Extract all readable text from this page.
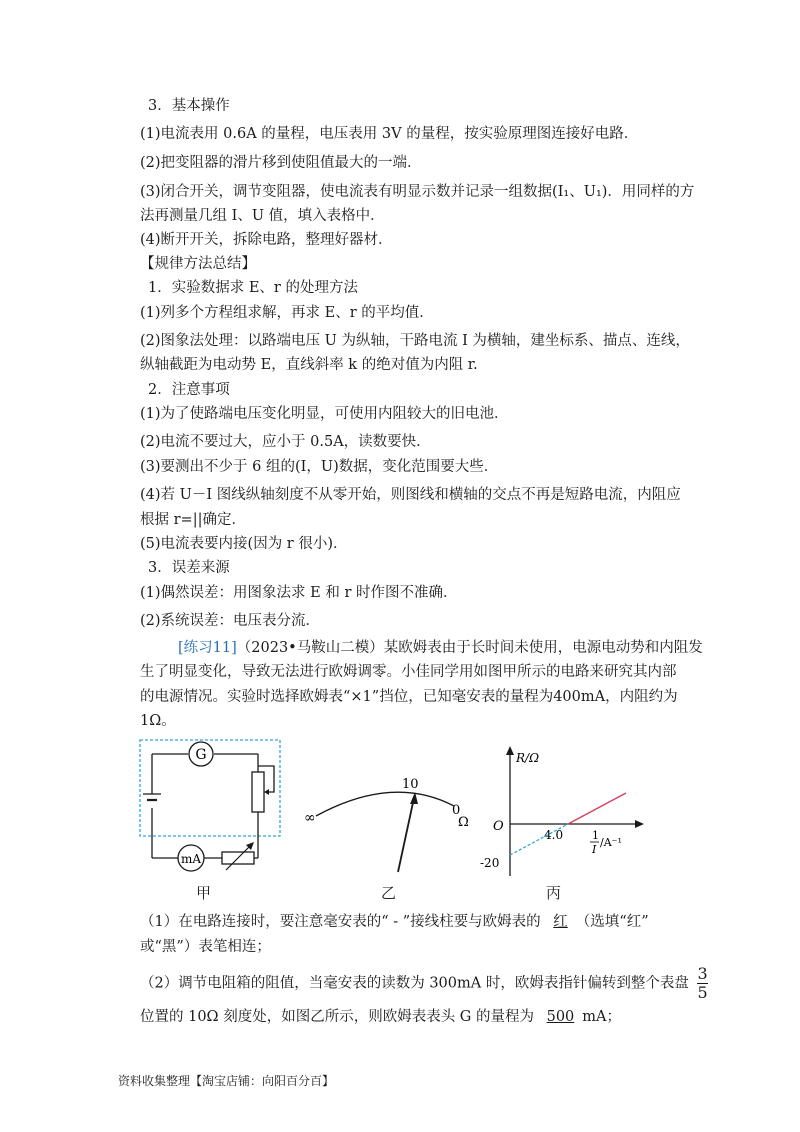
3．基本操作
(1)电流表用 0.6A 的量程，电压表用 3V 的量程，按实验原理图连接好电路．
(2)把变阻器的滑片移到使阻值最大的一端．
(3)闭合开关，调节变阻器，使电流表有明显示数并记录一组数据(I₁、U₁)．用同样的方
法再测量几组 I、U 值，填入表格中．
(4)断开开关，拆除电路，整理好器材．
【规律方法总结】
1．实验数据求 E、r 的处理方法
(1)列多个方程组求解，再求 E、r 的平均值．
(2)图象法处理：以路端电压 U 为纵轴，干路电流 I 为横轴，建坐标系、描点、连线，
纵轴截距为电动势 E，直线斜率 k 的绝对值为内阻 r.
2．注意事项
(1)为了使路端电压变化明显，可使用内阻较大的旧电池．
(2)电流不要过大，应小于 0.5A，读数要快．
(3)要测出不少于 6 组的(I，U)数据，变化范围要大些．
(4)若 U－I 图线纵轴刻度不从零开始，则图线和横轴的交点不再是短路电流，内阻应
根据 r=||确定．
(5)电流表要内接(因为 r 很小)．
3．误差来源
(1)偶然误差：用图象法求 E 和 r 时作图不准确．
(2)系统误差：电压表分流．
[练习11]（2023•马鞍山二模）某欧姆表由于长时间未使用，电源电动势和内阻发
生了明显变化，导致无法进行欧姆调零。小佳同学用如图甲所示的电路来研究其内部
的电源情况。实验时选择欧姆表“×1”挡位，已知毫安表的量程为400mA，内阻约为
1Ω。
G
mA
甲
∞
10
0
Ω
乙
R/Ω
O
4.0
-20
1
I
/A⁻¹
丙
（1）在电路连接时，要注意毫安表的“ - ”接线柱要与欧姆表的 红 （选填“红”
或“黑”）表笔相连；
（2）调节电阻箱的阻值，当毫安表的读数为 300mA 时，欧姆表指针偏转到整个表盘 $\frac{3}{5}$
位置的 10Ω 刻度处，如图乙所示，则欧姆表表头 G 的量程为 500 mA；
资料收集整理【淘宝店铺：向阳百分百】
